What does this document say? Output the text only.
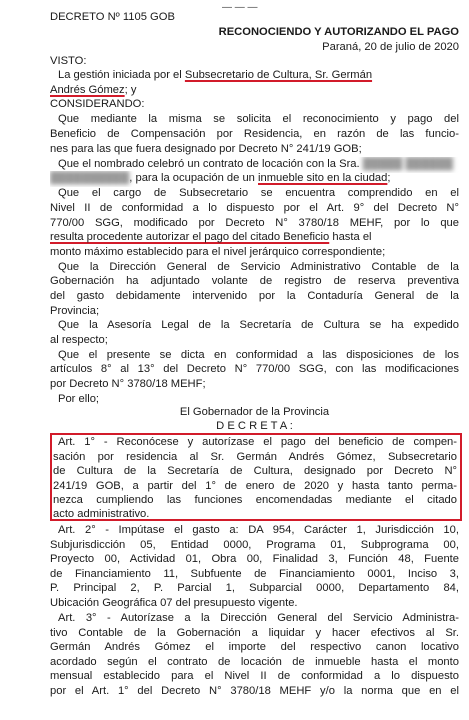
— — —
DECRETO Nº 1105 GOB
RECONOCIENDO Y AUTORIZANDO EL PAGO
Paraná, 20 de julio de 2020
VISTO:
La gestión iniciada por el Subsecretario de Cultura, Sr. Germán
Andrés Gómez; y
CONSIDERANDO:
Que mediante la misma se solicita el reconocimiento y pago del
Beneficio de Compensación por Residencia, en razón de las funcio-
nes para las que fuera designado por Decreto N° 241/19 GOB;
Que el nombrado celebró un contrato de locación con la Sra. █████ ██████
██████████, para la ocupación de un inmueble sito en la ciudad;
Que el cargo de Subsecretario se encuentra comprendido en el
Nivel II de conformidad a lo dispuesto por el Art. 9° del Decreto N°
770/00 SGG, modificado por Decreto N° 3780/18 MEHF, por lo que
resulta procedente autorizar el pago del citado Beneficio hasta el
monto máximo establecido para el nivel jerárquico correspondiente;
Que la Dirección General de Servicio Administrativo Contable de la
Gobernación ha adjuntado volante de registro de reserva preventiva
del gasto debidamente intervenido por la Contaduría General de la
Provincia;
Que la Asesoría Legal de la Secretaría de Cultura se ha expedido
al respecto;
Que el presente se dicta en conformidad a las disposiciones de los
artículos 8° al 13° del Decreto N° 770/00 SGG, con las modificaciones
por Decreto N° 3780/18 MEHF;
Por ello;
El Gobernador de la Provincia
D E C R E T A :
Art. 1° - Reconócese y autorízase el pago del beneficio de compen-
sación por residencia al Sr. Germán Andrés Gómez, Subsecretario
de Cultura de la Secretaría de Cultura, designado por Decreto N°
241/19 GOB, a partir del 1° de enero de 2020 y hasta tanto perma-
nezca cumpliendo las funciones encomendadas mediante el citado
acto administrativo.
Art. 2° - Impútase el gasto a: DA 954, Carácter 1, Jurisdicción 10,
Subjurisdicción 05, Entidad 0000, Programa 01, Subprograma 00,
Proyecto 00, Actividad 01, Obra 00, Finalidad 3, Función 48, Fuente
de Financiamiento 11, Subfuente de Financiamiento 0001, Inciso 3,
P. Principal 2, P. Parcial 1, Subparcial 0000, Departamento 84,
Ubicación Geográfica 07 del presupuesto vigente.
Art. 3° - Autorízase a la Dirección General del Servicio Administra-
tivo Contable de la Gobernación a liquidar y hacer efectivos al Sr.
Germán Andrés Gómez el importe del respectivo canon locativo
acordado según el contrato de locación de inmueble hasta el monto
mensual establecido para el Nivel II de conformidad a lo dispuesto
por el Art. 1° del Decreto N° 3780/18 MEHF y/o la norma que en el
